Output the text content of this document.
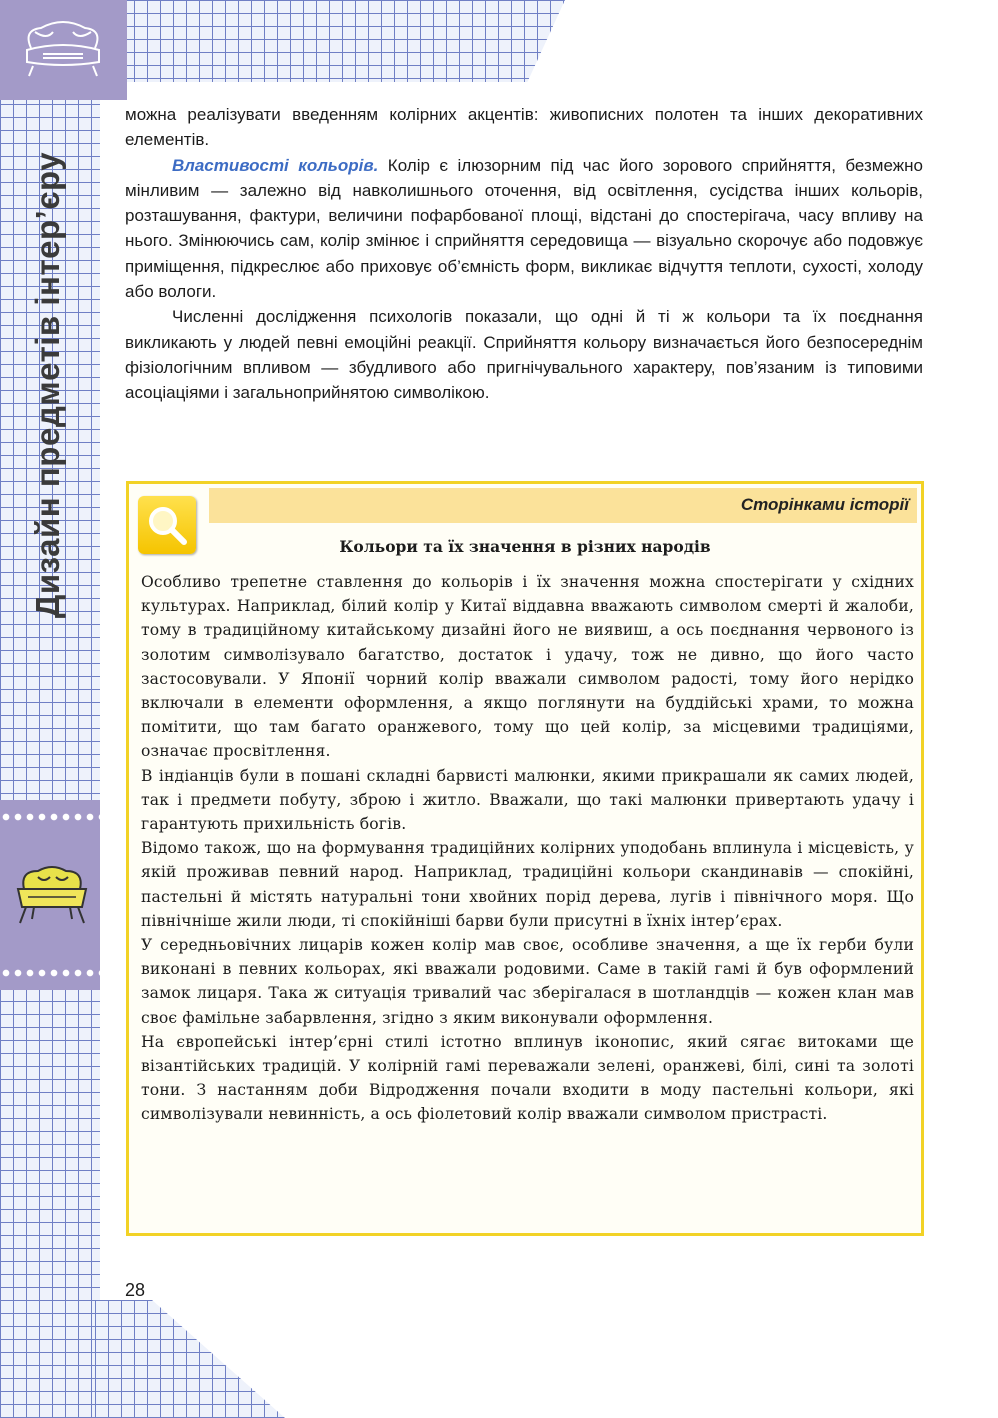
Дизайн предметів інтер’єру

можна реалізувати введенням колірних акцентів: живописних полотен та інших декоративних елементів.

Властивості кольорів. Колір є ілюзорним під час його зорового сприйняття, безмежно мінливим — залежно від навколишнього оточення, від освітлення, сусідства інших кольорів, розташування, фактури, величини пофарбованої площі, відстані до спостерігача, часу впливу на нього. Змінюючись сам, колір змінює і сприйняття середовища — візуально скорочує або подовжує приміщення, підкреслює або приховує об’ємність форм, викликає відчуття теплоти, сухості, холоду або вологи.

Численні дослідження психологів показали, що одні й ті ж кольори та їх поєднання викликають у людей певні емоційні реакції. Сприйняття кольору визначається його безпосереднім фізіологічним впливом — збудливого або пригнічувального характеру, пов’язаним із типовими асоціаціями і загальноприйнятою символікою.

Сторінками історії
Кольори та їх значення в різних народів

Особливо трепетне ставлення до кольорів і їх значення можна спостерігати у східних культурах. Наприклад, білий колір у Китаї віддавна вважають символом смерті й жалоби, тому в традиційному китайському дизайні його не виявиш, а ось поєднання червоного із золотим символізувало багатство, достаток і удачу, тож не дивно, що його часто застосовували. У Японії чорний колір вважали символом радості, тому його нерідко включали в елементи оформлення, а якщо поглянути на буддійські храми, то можна помітити, що там багато оранжевого, тому що цей колір, за місцевими традиціями, означає просвітлення.

В індіанців були в пошані складні барвисті малюнки, якими прикрашали як самих людей, так і предмети побуту, зброю і житло. Вважали, що такі малюнки привертають удачу і гарантують прихильність богів.

Відомо також, що на формування традиційних колірних уподобань вплинула і місцевість, у якій проживав певний народ. Наприклад, традиційні кольори скандинавів — спокійні, пастельні й містять натуральні тони хвойних порід дерева, лугів і північного моря. Що північніше жили люди, ті спокійніші барви були присутні в їхніх інтер’єрах.

У середньовічних лицарів кожен колір мав своє, особливе значення, а ще їх герби були виконані в певних кольорах, які вважали родовими. Саме в такій гамі й був оформлений замок лицаря. Така ж ситуація тривалий час зберігалася в шотландців — кожен клан мав своє фамільне забарвлення, згідно з яким виконували оформлення.

На європейські інтер’єрні стилі істотно вплинув іконопис, який сягає витоками ще візантійських традицій. У колірній гамі переважали зелені, оранжеві, білі, сині та золоті тони. З настанням доби Відродження почали входити в моду пастельні кольори, які символізували невинність, а ось фіолетовий колір вважали символом пристрасті.

28
